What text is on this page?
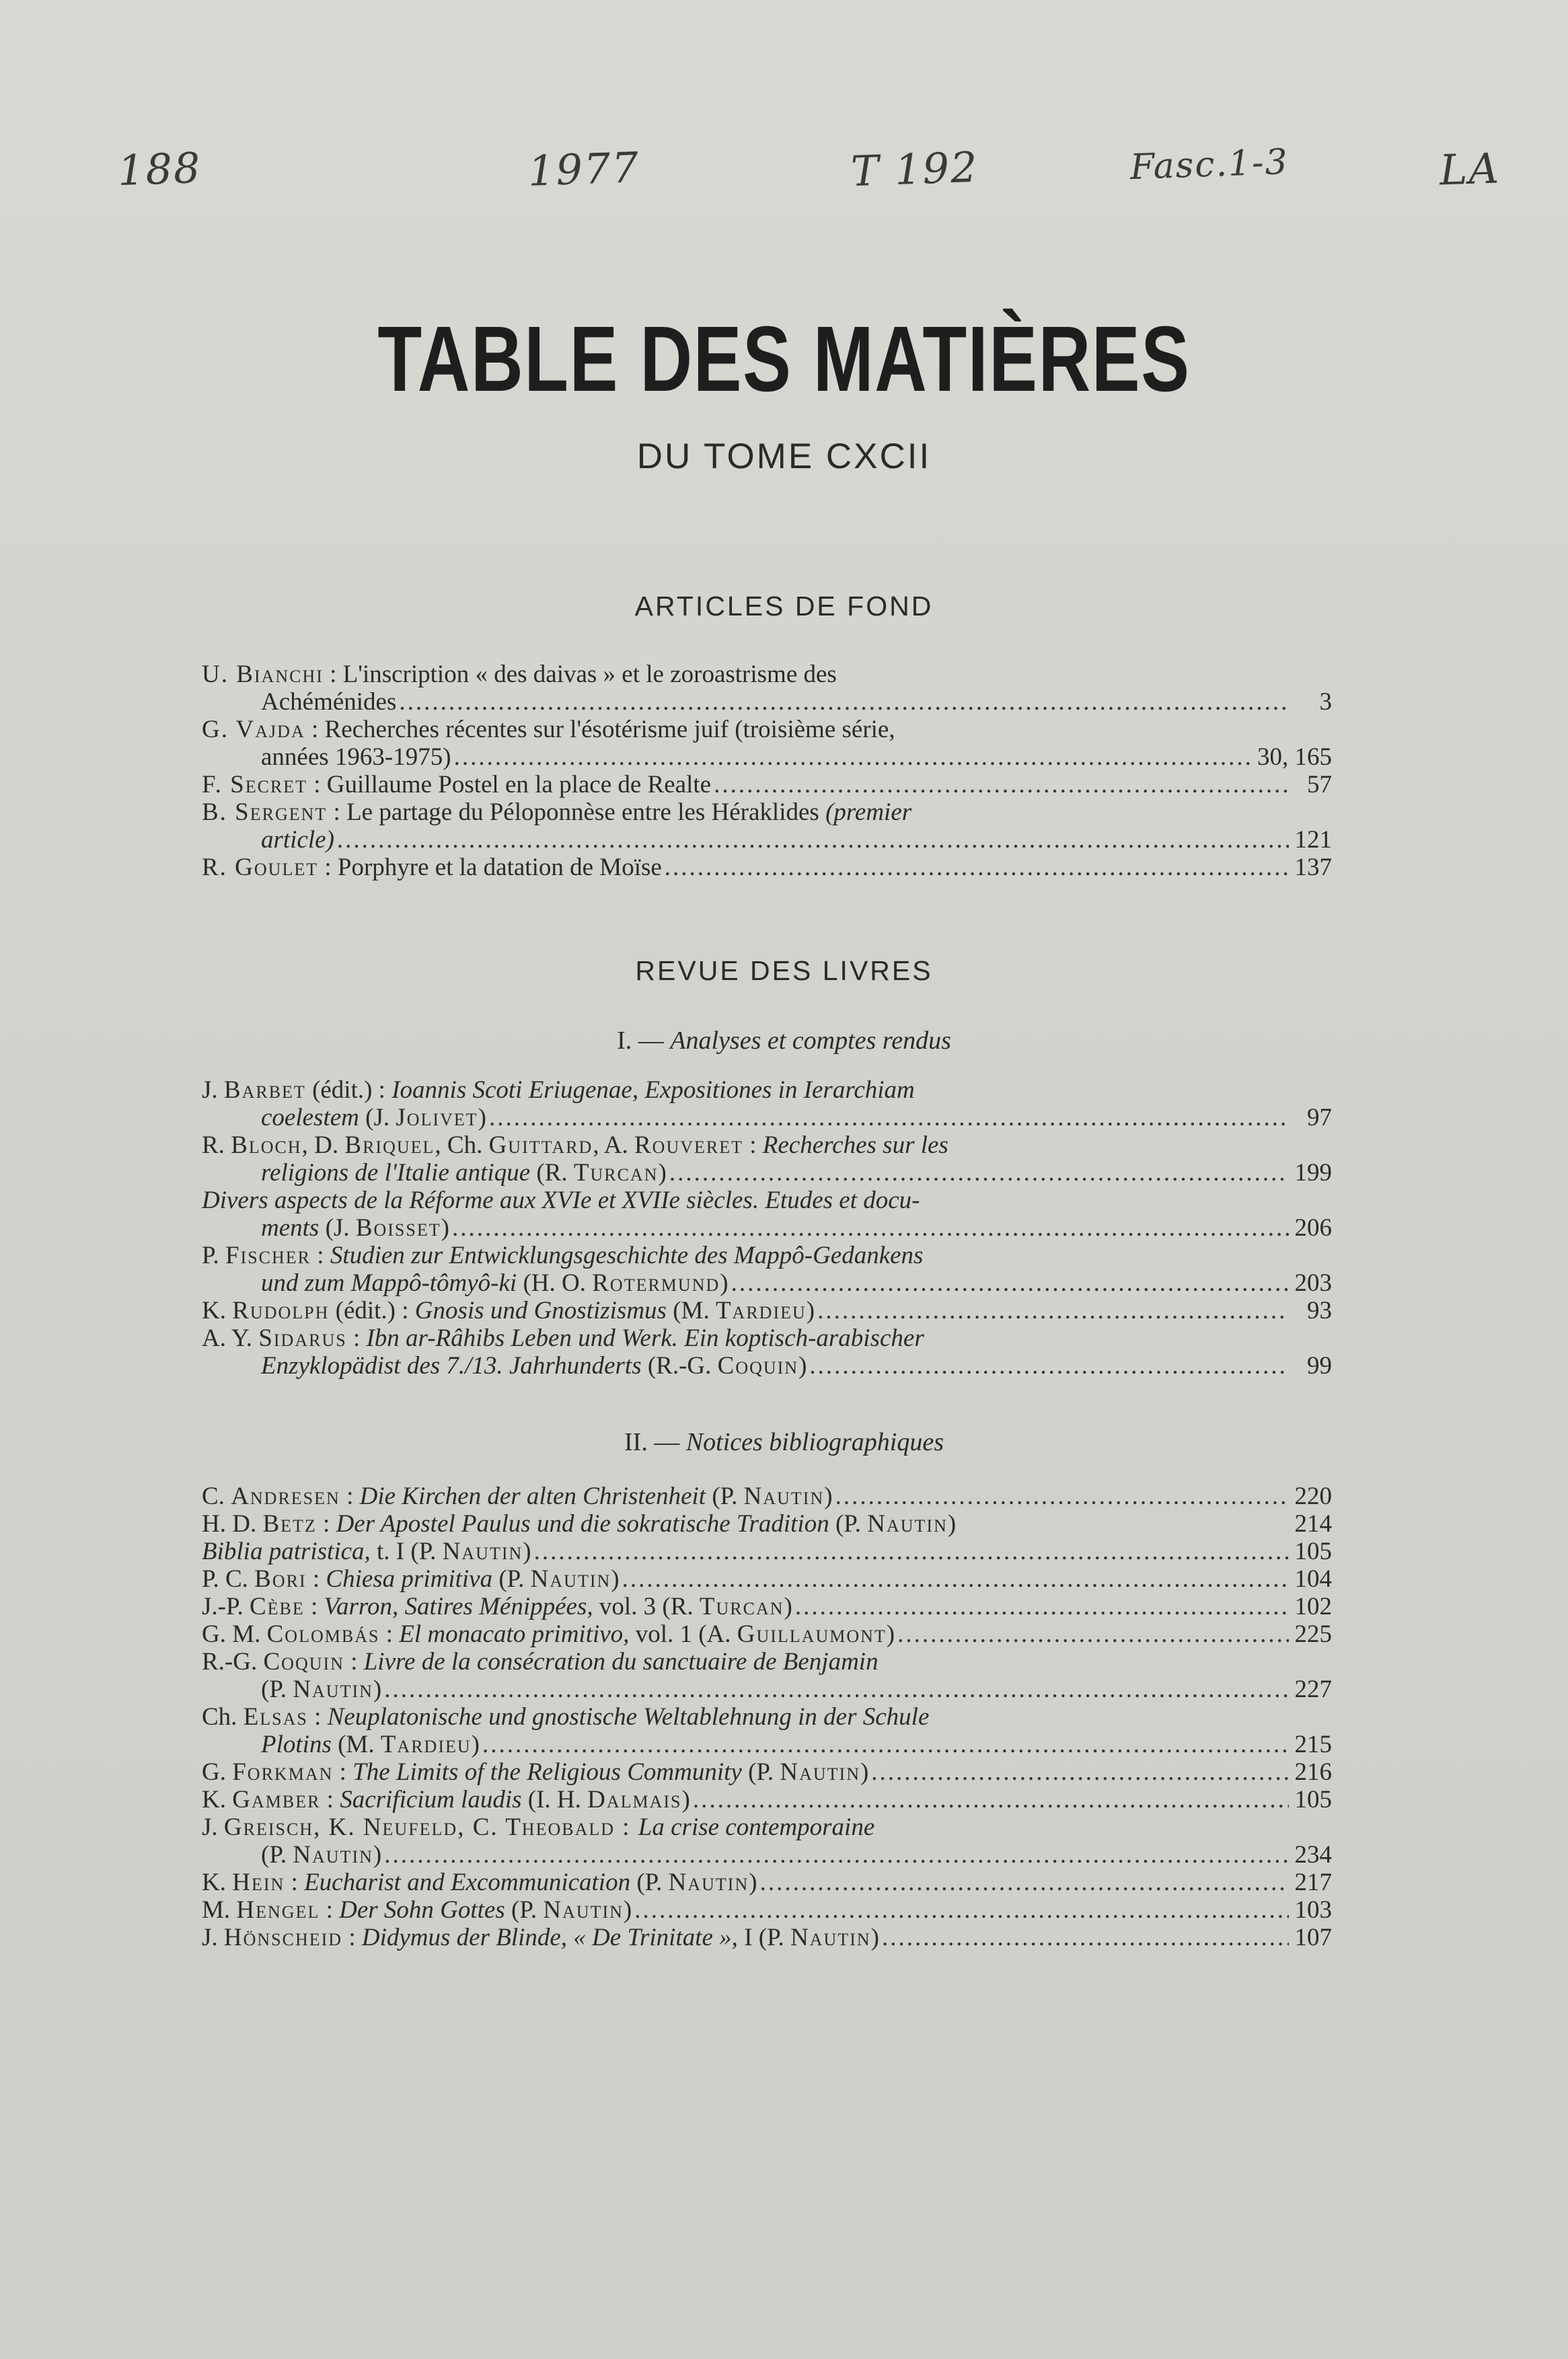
188	1977	T 192	Fasc.1-3	LA
TABLE DES MATIÈRES
DU TOME CXCII
ARTICLES DE FOND
U. Bianchi : L'inscription « des daivas » et le zoroastrisme des
Achéménides .....	3
G. Vajda : Recherches récentes sur l'ésotérisme juif (troisième série,
années 1963-1975) .....	30, 165
F. Secret : Guillaume Postel en la place de Realte .....	57
B. Sergent : Le partage du Péloponnèse entre les Héraklides (premier
article) .....	121
R. Goulet : Porphyre et la datation de Moïse .....	137
REVUE DES LIVRES
I. — Analyses et comptes rendus
J. Barbet (édit.) : Ioannis Scoti Eriugenae, Expositiones in Ierarchiam
coelestem (J. Jolivet) .....	97
R. Bloch, D. Briquel, Ch. Guittard, A. Rouveret : Recherches sur les
religions de l'Italie antique (R. Turcan) .....	199
Divers aspects de la Réforme aux XVIe et XVIIe siècles. Etudes et docu-
ments (J. Boisset) .....	206
P. Fischer : Studien zur Entwicklungsgeschichte des Mappô-Gedankens
und zum Mappô-tômyô-ki (H. O. Rotermund) .....	203
K. Rudolph (édit.) : Gnosis und Gnostizismus (M. Tardieu) .....	93
A. Y. Sidarus : Ibn ar-Râhibs Leben und Werk. Ein koptisch-arabischer
Enzyklopädist des 7./13. Jahrhunderts (R.-G. Coquin) .....	99
II. — Notices bibliographiques
C. Andresen : Die Kirchen der alten Christenheit (P. Nautin) .....	220
H. D. Betz : Der Apostel Paulus und die sokratische Tradition (P. Nautin)	214
Biblia patristica, t. I (P. Nautin) .....	105
P. C. Bori : Chiesa primitiva (P. Nautin) .....	104
J.-P. Cèbe : Varron, Satires Ménippées, vol. 3 (R. Turcan) .....	102
G. M. Colombás : El monacato primitivo, vol. 1 (A. Guillaumont) .....	225
R.-G. Coquin : Livre de la consécration du sanctuaire de Benjamin
(P. Nautin) .....	227
Ch. Elsas : Neuplatonische und gnostische Weltablehnung in der Schule
Plotins (M. Tardieu) .....	215
G. Forkman : The Limits of the Religious Community (P. Nautin) .....	216
K. Gamber : Sacrificium laudis (I. H. Dalmais) .....	105
J. Greisch, K. Neufeld, C. Theobald : La crise contemporaine
(P. Nautin) .....	234
K. Hein : Eucharist and Excommunication (P. Nautin) .....	217
M. Hengel : Der Sohn Gottes (P. Nautin) .....	103
J. Hönscheid : Didymus der Blinde, « De Trinitate », I (P. Nautin) .....	107
